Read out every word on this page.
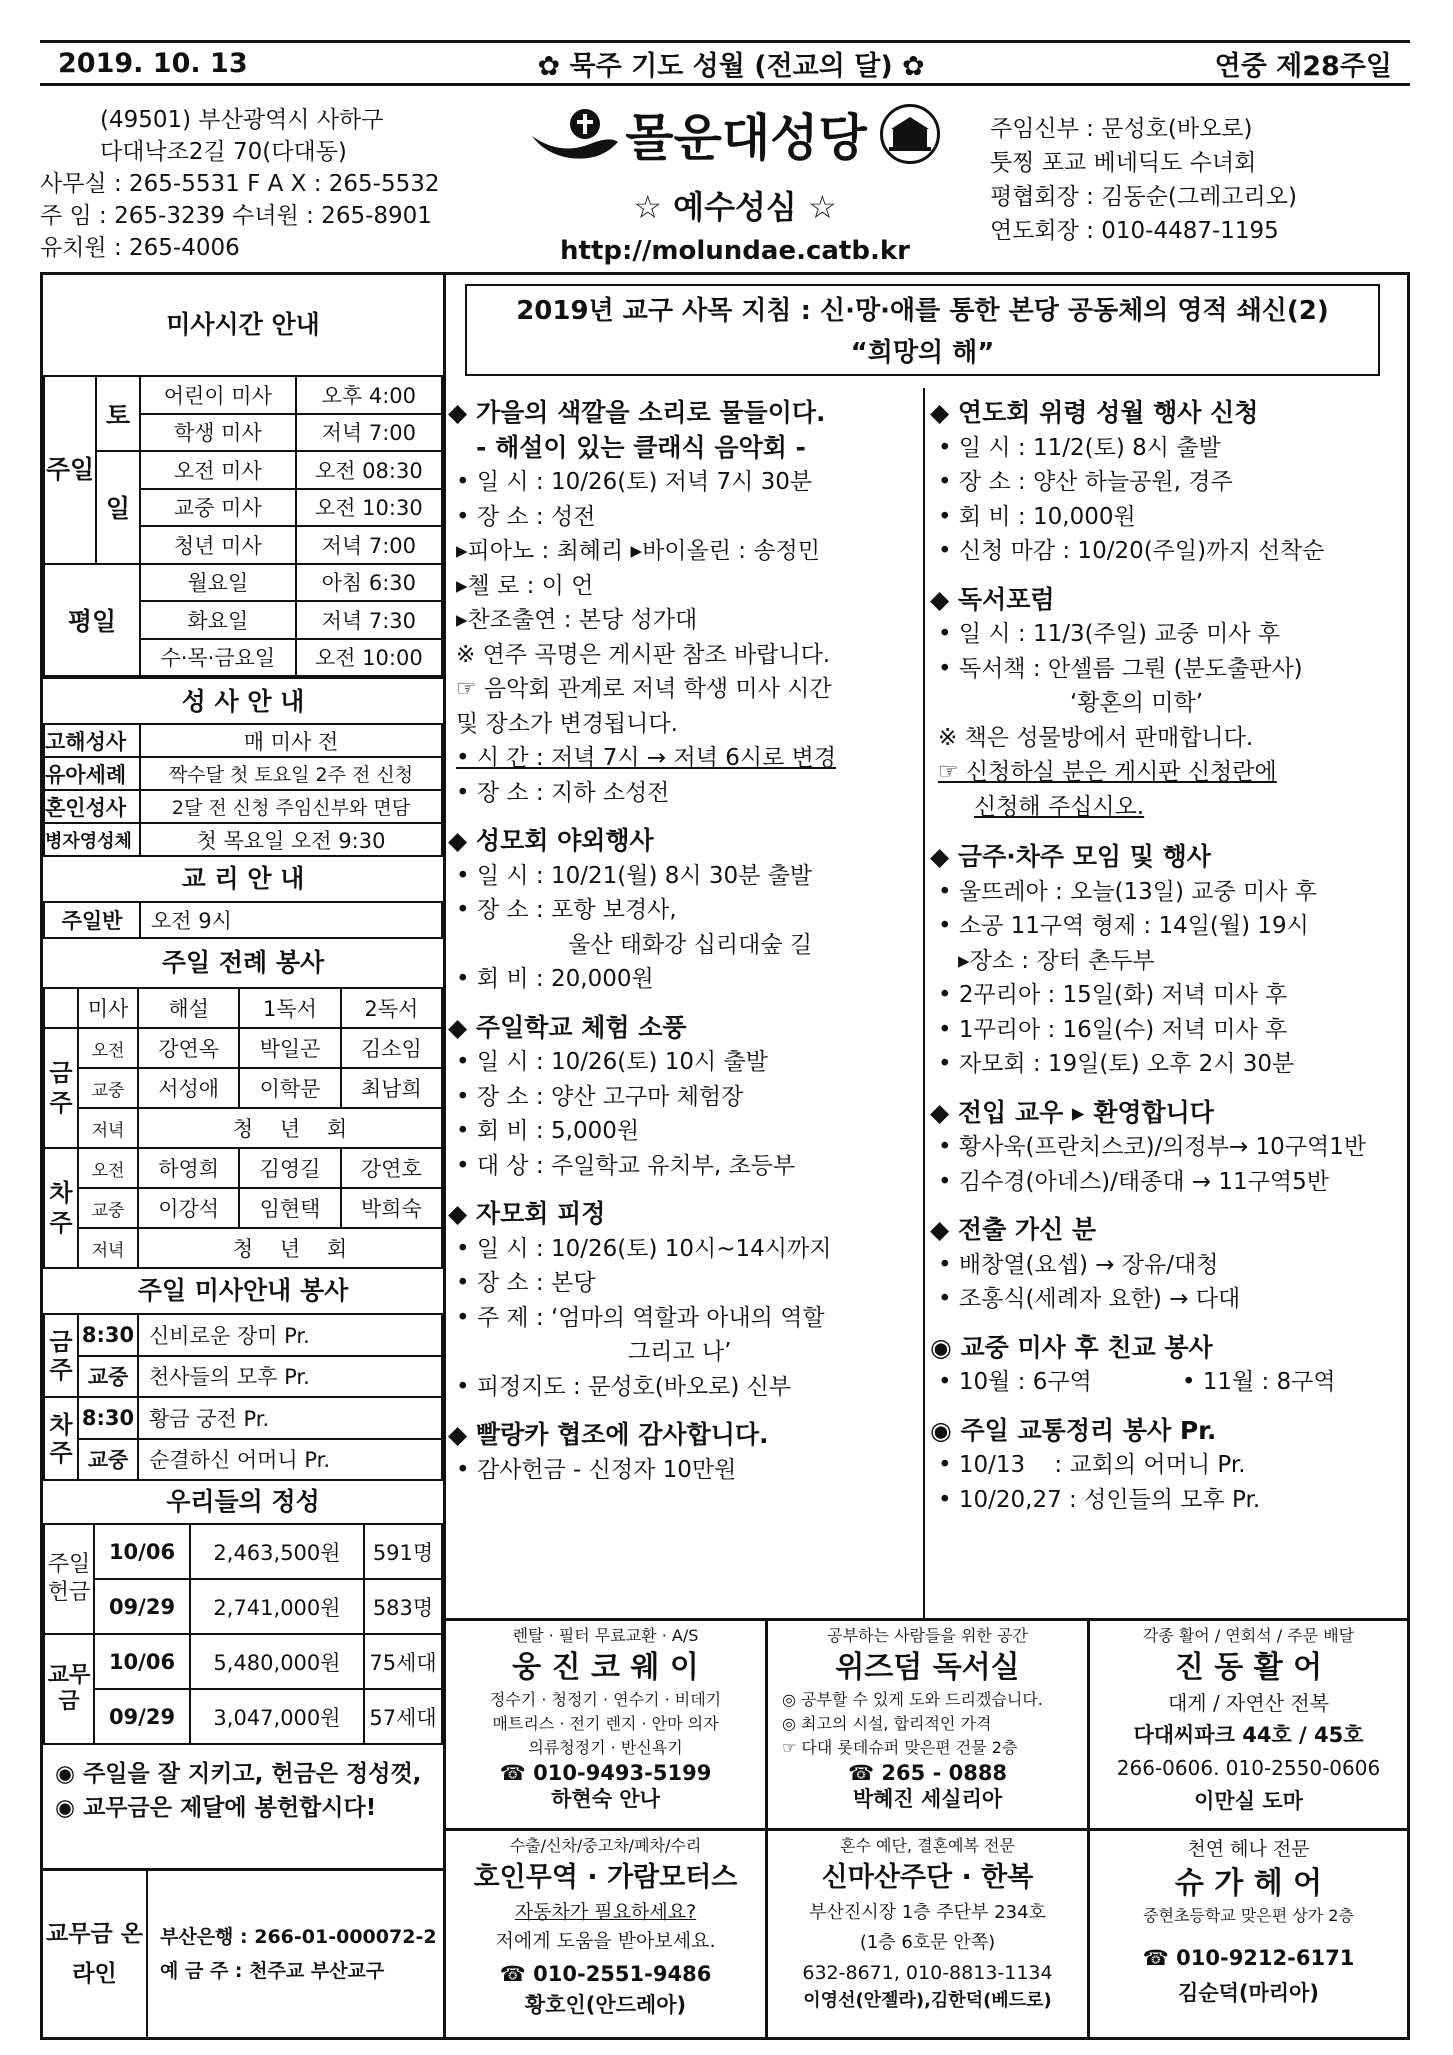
2019. 10. 13	✿ 묵주 기도 성월 (전교의 달) ✿	연중 제28주일
(49501) 부산광역시 사하구
다대낙조2길 70(다대동)
사무실 : 265-5531 F A X : 265-5532
주 임 : 265-3239 수녀원 : 265-8901
유치원 : 265-4006
몰운대성당
☆ 예수성심 ☆
http://molundae.catb.kr
주임신부 : 문성호(바오로)
툿찡 포교 베네딕도 수녀회
평협회장 : 김동순(그레고리오)
연도회장 : 010-4487-1195
미사시간 안내
주일	토	어린이 미사	오후 4:00
		학생 미사	저녁 7:00
	일	오전 미사	오전 08:30
		교중 미사	오전 10:30
		청년 미사	저녁 7:00
평일		월요일	아침 6:30
		화요일	저녁 7:30
		수·목·금요일	오전 10:00
성 사 안 내
고해성사	매 미사 전
유아세례	짝수달 첫 토요일 2주 전 신청
혼인성사	2달 전 신청 주임신부와 면담
병자영성체	첫 목요일 오전 9:30
교 리 안 내
주일반	오전 9시
주일 전례 봉사
	미사	해설	1독서	2독서
금주	오전	강연옥	박일곤	김소임
	교중	서성애	이학문	최남희
	저녁	청    년    회		
차주	오전	하영희	김영길	강연호
	교중	이강석	임현택	박희숙
	저녁	청    년    회		
주일 미사안내 봉사
금주	8:30	신비로운 장미 Pr.
	교중	천사들의 모후 Pr.
차주	8:30	황금 궁전 Pr.
	교중	순결하신 어머니 Pr.
우리들의 정성
주일헌금	10/06	2,463,500원	591명
	09/29	2,741,000원	583명
교무금	10/06	5,480,000원	75세대
	09/29	3,047,000원	57세대
◉ 주일을 잘 지키고, 헌금은 정성껏,
◉ 교무금은 제달에 봉헌합시다!
교무금 온라인
부산은행 : 266-01-000072-2
예 금 주 : 천주교 부산교구
2019년 교구 사목 지침 : 신·망·애를 통한 본당 공동체의 영적 쇄신(2)
“희망의 해”
◆ 가을의 색깔을 소리로 물들이다.
- 해설이 있는 클래식 음악회 -
• 일 시 : 10/26(토) 저녁 7시 30분
• 장 소 : 성전
▸피아노 : 최혜리 ▸바이올린 : 송정민
▸첼 로 : 이 언
▸찬조출연 : 본당 성가대
※ 연주 곡명은 게시판 참조 바랍니다.
☞ 음악회 관계로 저녁 학생 미사 시간
및 장소가 변경됩니다.
• 시 간 : 저녁 7시 → 저녁 6시로 변경
• 장 소 : 지하 소성전
◆ 성모회 야외행사
• 일 시 : 10/21(월) 8시 30분 출발
• 장 소 : 포항 보경사,
울산 태화강 십리대숲 길
• 회 비 : 20,000원
◆ 주일학교 체험 소풍
• 일 시 : 10/26(토) 10시 출발
• 장 소 : 양산 고구마 체험장
• 회 비 : 5,000원
• 대 상 : 주일학교 유치부, 초등부
◆ 자모회 피정
• 일 시 : 10/26(토) 10시~14시까지
• 장 소 : 본당
• 주 제 : ‘엄마의 역할과 아내의 역할
그리고 나’
• 피정지도 : 문성호(바오로) 신부
◆ 빨랑카 협조에 감사합니다.
• 감사헌금 - 신정자 10만원
◆ 연도회 위령 성월 행사 신청
• 일 시 : 11/2(토) 8시 출발
• 장 소 : 양산 하늘공원, 경주
• 회 비 : 10,000원
• 신청 마감 : 10/20(주일)까지 선착순
◆ 독서포럼
• 일 시 : 11/3(주일) 교중 미사 후
• 독서책 : 안셀름 그뤈 (분도출판사)
‘황혼의 미학’
※ 책은 성물방에서 판매합니다.
☞ 신청하실 분은 게시판 신청란에
신청해 주십시오.
◆ 금주·차주 모임 및 행사
• 울뜨레아 : 오늘(13일) 교중 미사 후
• 소공 11구역 형제 : 14일(월) 19시
▸장소 : 장터 촌두부
• 2꾸리아 : 15일(화) 저녁 미사 후
• 1꾸리아 : 16일(수) 저녁 미사 후
• 자모회 : 19일(토) 오후 2시 30분
◆ 전입 교우 ▸ 환영합니다
• 황사욱(프란치스코)/의정부→ 10구역1반
• 김수경(아네스)/태종대 → 11구역5반
◆ 전출 가신 분
• 배창열(요셉) → 장유/대청
• 조홍식(세례자 요한) → 다대
◉ 교중 미사 후 친교 봉사
• 10월 : 6구역	• 11월 : 8구역
◉ 주일 교통정리 봉사 Pr.
• 10/13    : 교회의 어머니 Pr.
• 10/20,27 : 성인들의 모후 Pr.
렌탈 · 필터 무료교환 · A/S
웅 진 코 웨 이
정수기 · 청정기 · 연수기 · 비데기
매트리스 · 전기 렌지 · 안마 의자
의류청정기 · 반신욕기
☎ 010-9493-5199
하현숙 안나
공부하는 사람들을 위한 공간
위즈덤 독서실
◎ 공부할 수 있게 도와 드리겠습니다.
◎ 최고의 시설, 합리적인 가격
☞ 다대 롯데슈퍼 맞은편 건물 2층
☎ 265 - 0888
박혜진 세실리아
각종 활어 / 연회석 / 주문 배달
진 동 활 어
대게 / 자연산 전복
다대씨파크 44호 / 45호
266-0606. 010-2550-0606
이만실 도마
수출/신차/중고차/폐차/수리
호인무역 · 가람모터스
자동차가 필요하세요?
저에게 도움을 받아보세요.
☎ 010-2551-9486
황호인(안드레아)
혼수 예단, 결혼예복 전문
신마산주단 · 한복
부산진시장 1층 주단부 234호
(1층 6호문 안쪽)
632-8671, 010-8813-1134
이영선(안젤라),김한덕(베드로)
천연 헤나 전문
슈 가 헤 어
중현초등학교 맞은편 상가 2층
☎ 010-9212-6171
김순덕(마리아)
